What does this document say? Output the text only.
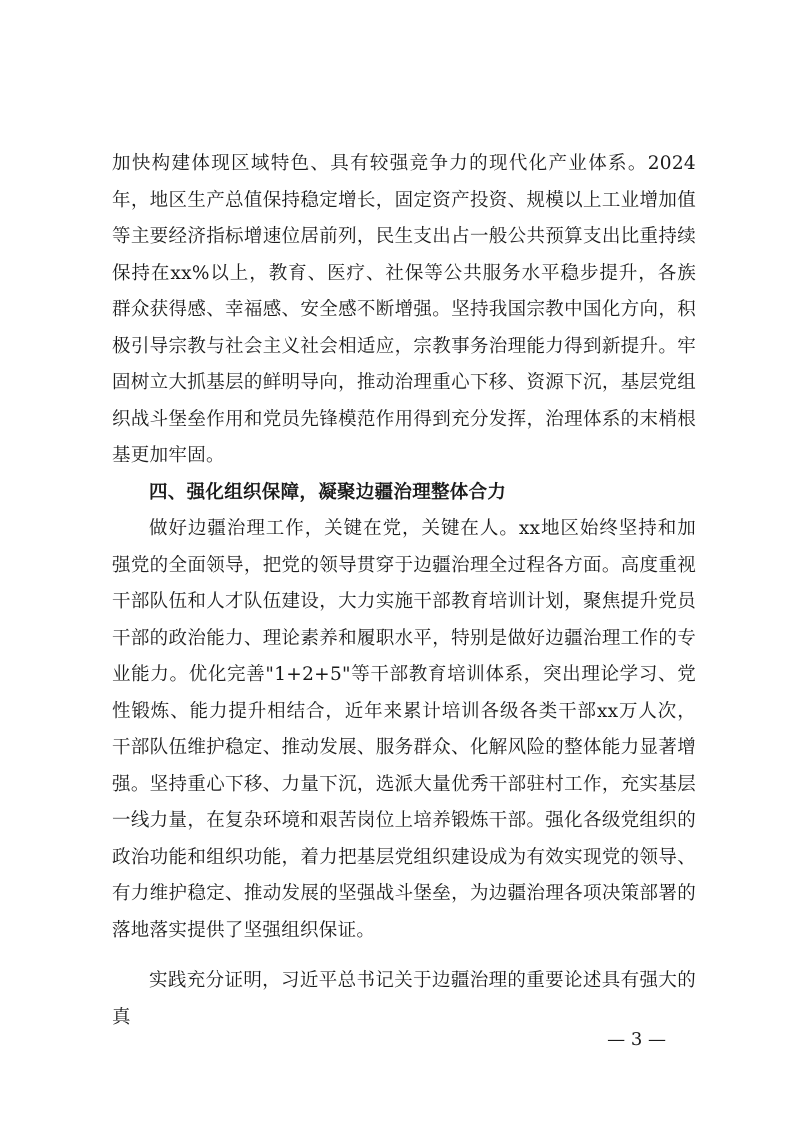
加快构建体现区域特色、具有较强竞争力的现代化产业体系。2024年，地区生产总值保持稳定增长，固定资产投资、规模以上工业增加值等主要经济指标增速位居前列，民生支出占一般公共预算支出比重持续保持在xx%以上，教育、医疗、社保等公共服务水平稳步提升，各族群众获得感、幸福感、安全感不断增强。坚持我国宗教中国化方向，积极引导宗教与社会主义社会相适应，宗教事务治理能力得到新提升。牢固树立大抓基层的鲜明导向，推动治理重心下移、资源下沉，基层党组织战斗堡垒作用和党员先锋模范作用得到充分发挥，治理体系的末梢根基更加牢固。

四、强化组织保障，凝聚边疆治理整体合力

做好边疆治理工作，关键在党，关键在人。xx地区始终坚持和加强党的全面领导，把党的领导贯穿于边疆治理全过程各方面。高度重视干部队伍和人才队伍建设，大力实施干部教育培训计划，聚焦提升党员干部的政治能力、理论素养和履职水平，特别是做好边疆治理工作的专业能力。优化完善"1+2+5"等干部教育培训体系，突出理论学习、党性锻炼、能力提升相结合，近年来累计培训各级各类干部xx万人次，干部队伍维护稳定、推动发展、服务群众、化解风险的整体能力显著增强。坚持重心下移、力量下沉，选派大量优秀干部驻村工作，充实基层一线力量，在复杂环境和艰苦岗位上培养锻炼干部。强化各级党组织的政治功能和组织功能，着力把基层党组织建设成为有效实现党的领导、有力维护稳定、推动发展的坚强战斗堡垒，为边疆治理各项决策部署的落地落实提供了坚强组织保证。

实践充分证明，习近平总书记关于边疆治理的重要论述具有强大的真

— 3 —
